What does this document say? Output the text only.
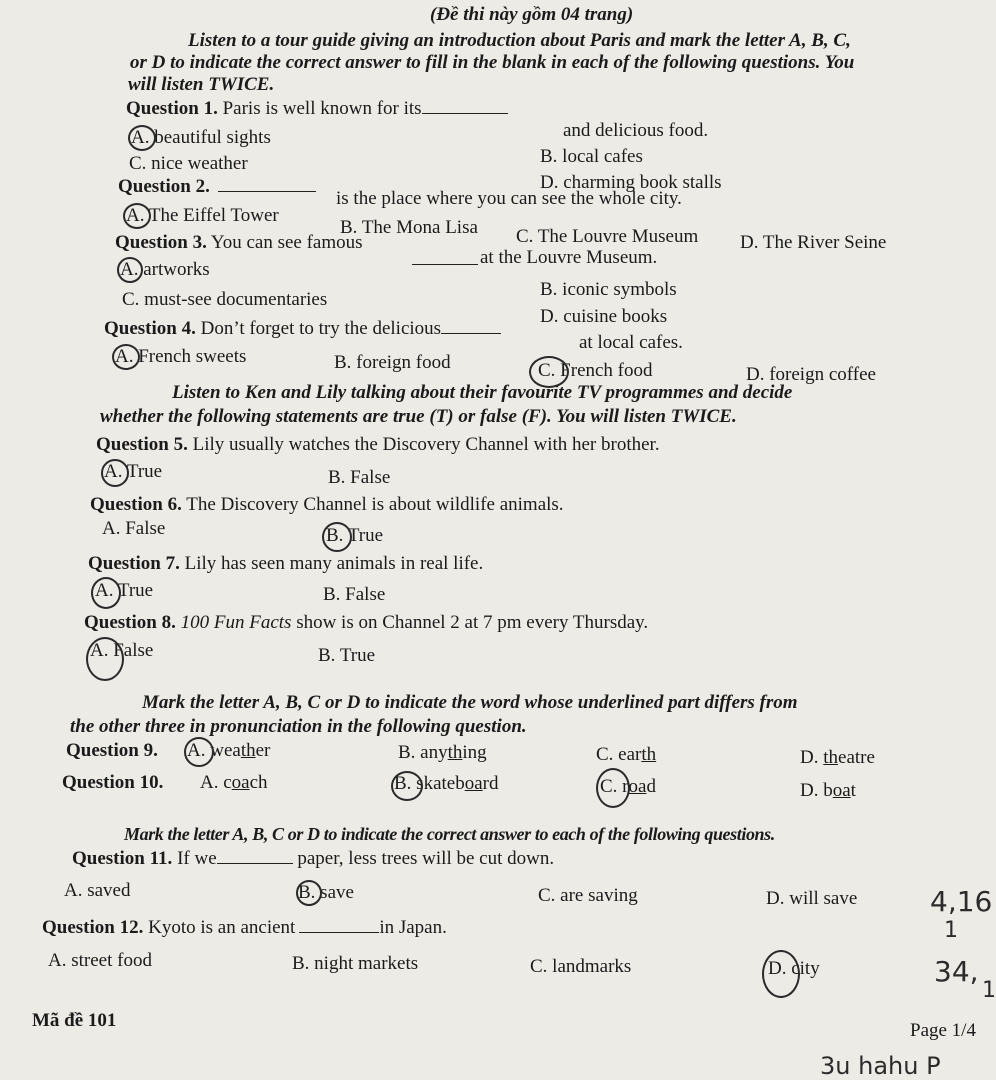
(Đề thi này gồm 04 trang)
Listen to a tour guide giving an introduction about Paris and mark the letter A, B, C,
or D to indicate the correct answer to fill in the blank in each of the following questions. You
will listen TWICE.
Question 1. Paris is well known for its
and delicious food.
A. beautiful sights
B. local cafes
C. nice weather
D. charming book stalls
Question 2.
is the place where you can see the whole city.
A. The Eiffel Tower
B. The Mona Lisa C. The Louvre Museum D. The River Seine
Question 3. You can see famous
at the Louvre Museum.
A. artworks
B. iconic symbols
C. must-see documentaries
D. cuisine books
Question 4. Don’t forget to try the delicious
at local cafes.
A. French sweets	B. foreign food	C. French food	D. foreign coffee
Listen to Ken and Lily talking about their favourite TV programmes and decide
whether the following statements are true (T) or false (F). You will listen TWICE.
Question 5. Lily usually watches the Discovery Channel with her brother.
A. True	B. False
Question 6. The Discovery Channel is about wildlife animals.
A. False	B. True
Question 7. Lily has seen many animals in real life.
A. True	B. False
Question 8. 100 Fun Facts show is on Channel 2 at 7 pm every Thursday.
A. False	B. True
Mark the letter A, B, C or D to indicate the word whose underlined part differs from
the other three in pronunciation in the following question.
Question 9. A. weather	B. anything	C. earth	D. theatre
Question 10. A. coach	B. skateboard	C. road	D. boat
Mark the letter A, B, C or D to indicate the correct answer to each of the following questions.
Question 11. If we	paper, less trees will be cut down.
A. saved	B. save	C. are saving	D. will save
Question 12. Kyoto is an ancient	in Japan.
A. street food	B. night markets	C. landmarks	D. city
Mã đề 101	Page 1/4
4,16
1
34,
1
3u hahu P
